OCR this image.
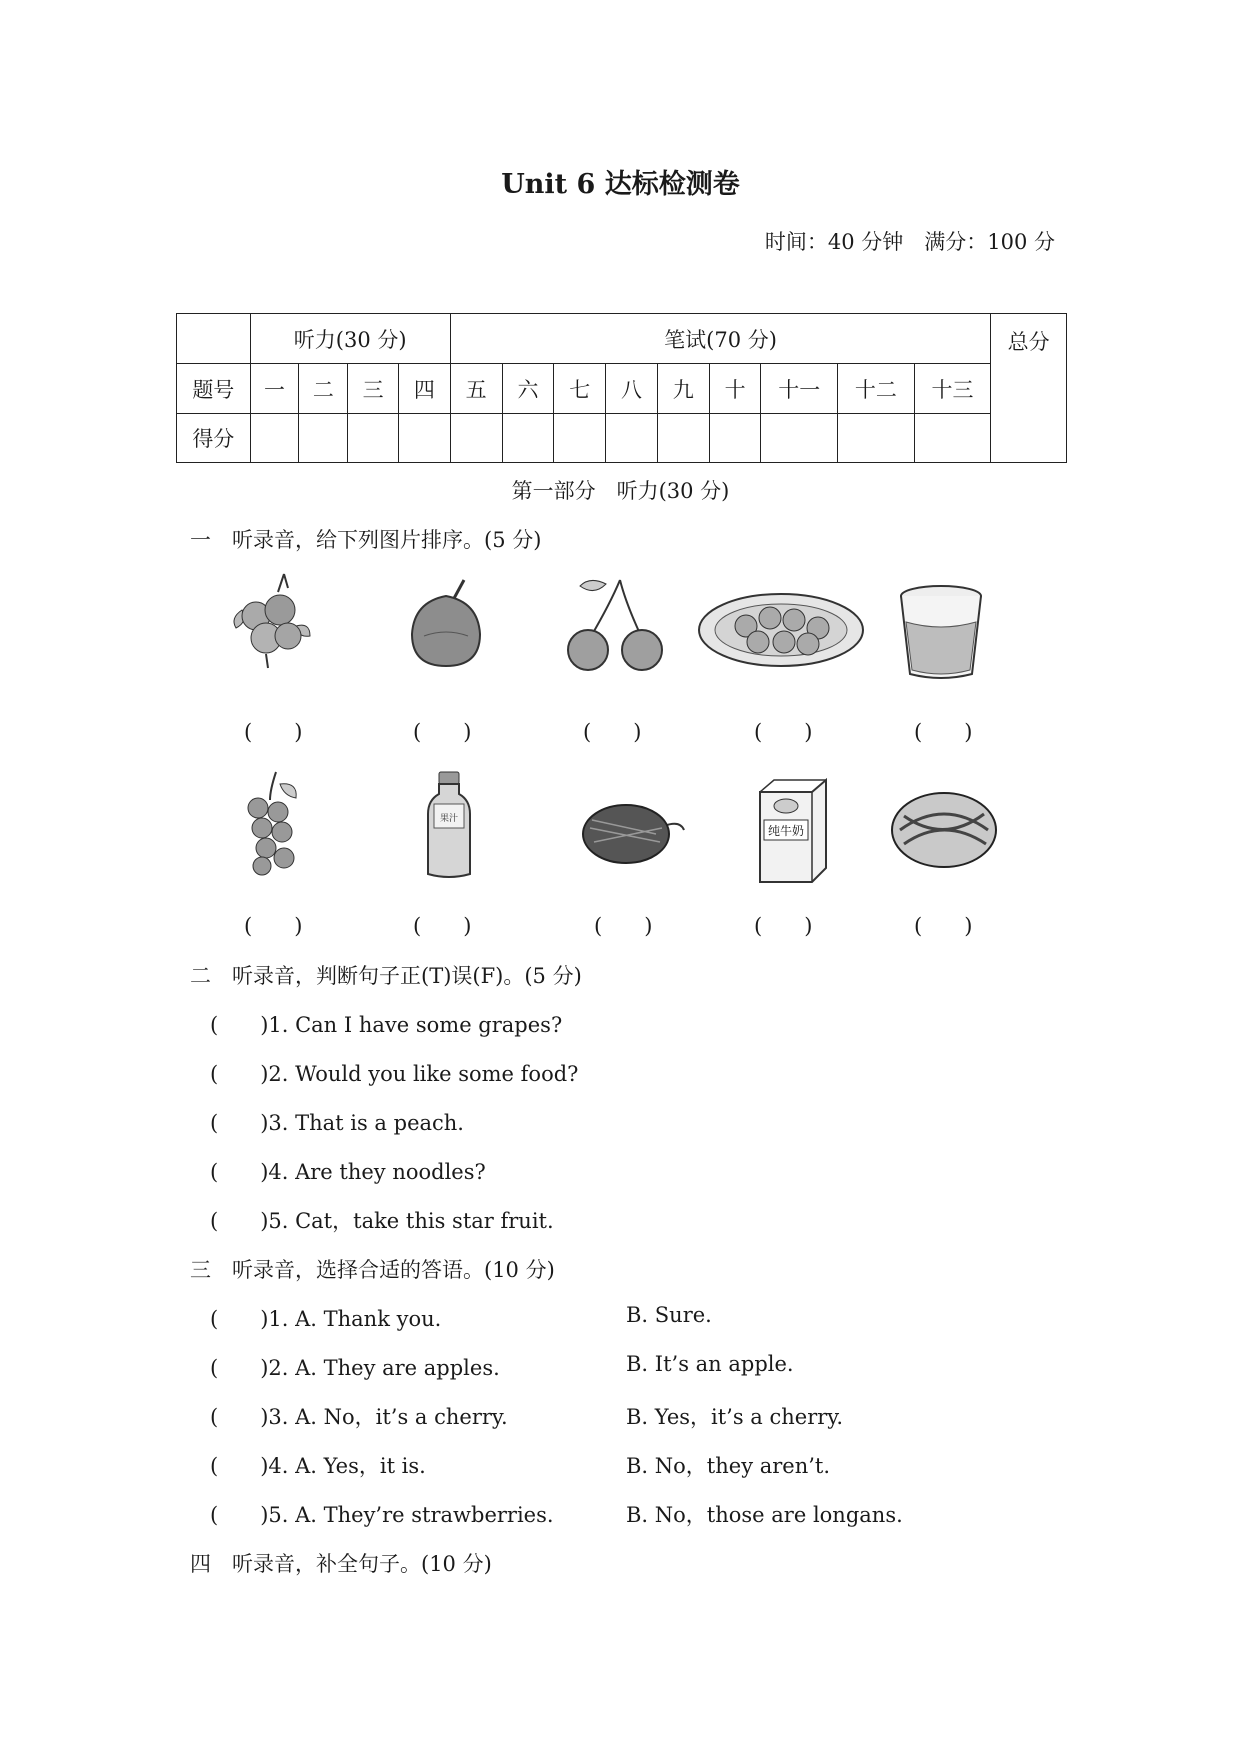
Unit 6 达标检测卷
时间：40 分钟　满分：100 分
	听力(30 分)				笔试(70 分)									总分
题号	一	二	三	四	五	六	七	八	九	十	十一	十二	十三	
得分														
第一部分　听力(30 分)
一　听录音，给下列图片排序。(5 分)
(　　)	(　　)	(　　)	(　　)	(　　)
果汁
纯牛奶
(　　)	(　　)	(　　)	(　　)	(　　)
二　听录音，判断句子正(T)误(F)。(5 分)
(　　)1. Can I have some grapes?
(　　)2. Would you like some food?
(　　)3. That is a peach.
(　　)4. Are they noodles?
(　　)5. Cat，take this star fruit.
三　听录音，选择合适的答语。(10 分)
(　　)1. A. Thank you.	B. Sure.
(　　)2. A. They are apples.	B. It’s an apple.
(　　)3. A. No，it’s a cherry.	B. Yes，it’s a cherry.
(　　)4. A. Yes，it is.	B. No，they aren’t.
(　　)5. A. They’re strawberries.	B. No，those are longans.
四　听录音，补全句子。(10 分)
